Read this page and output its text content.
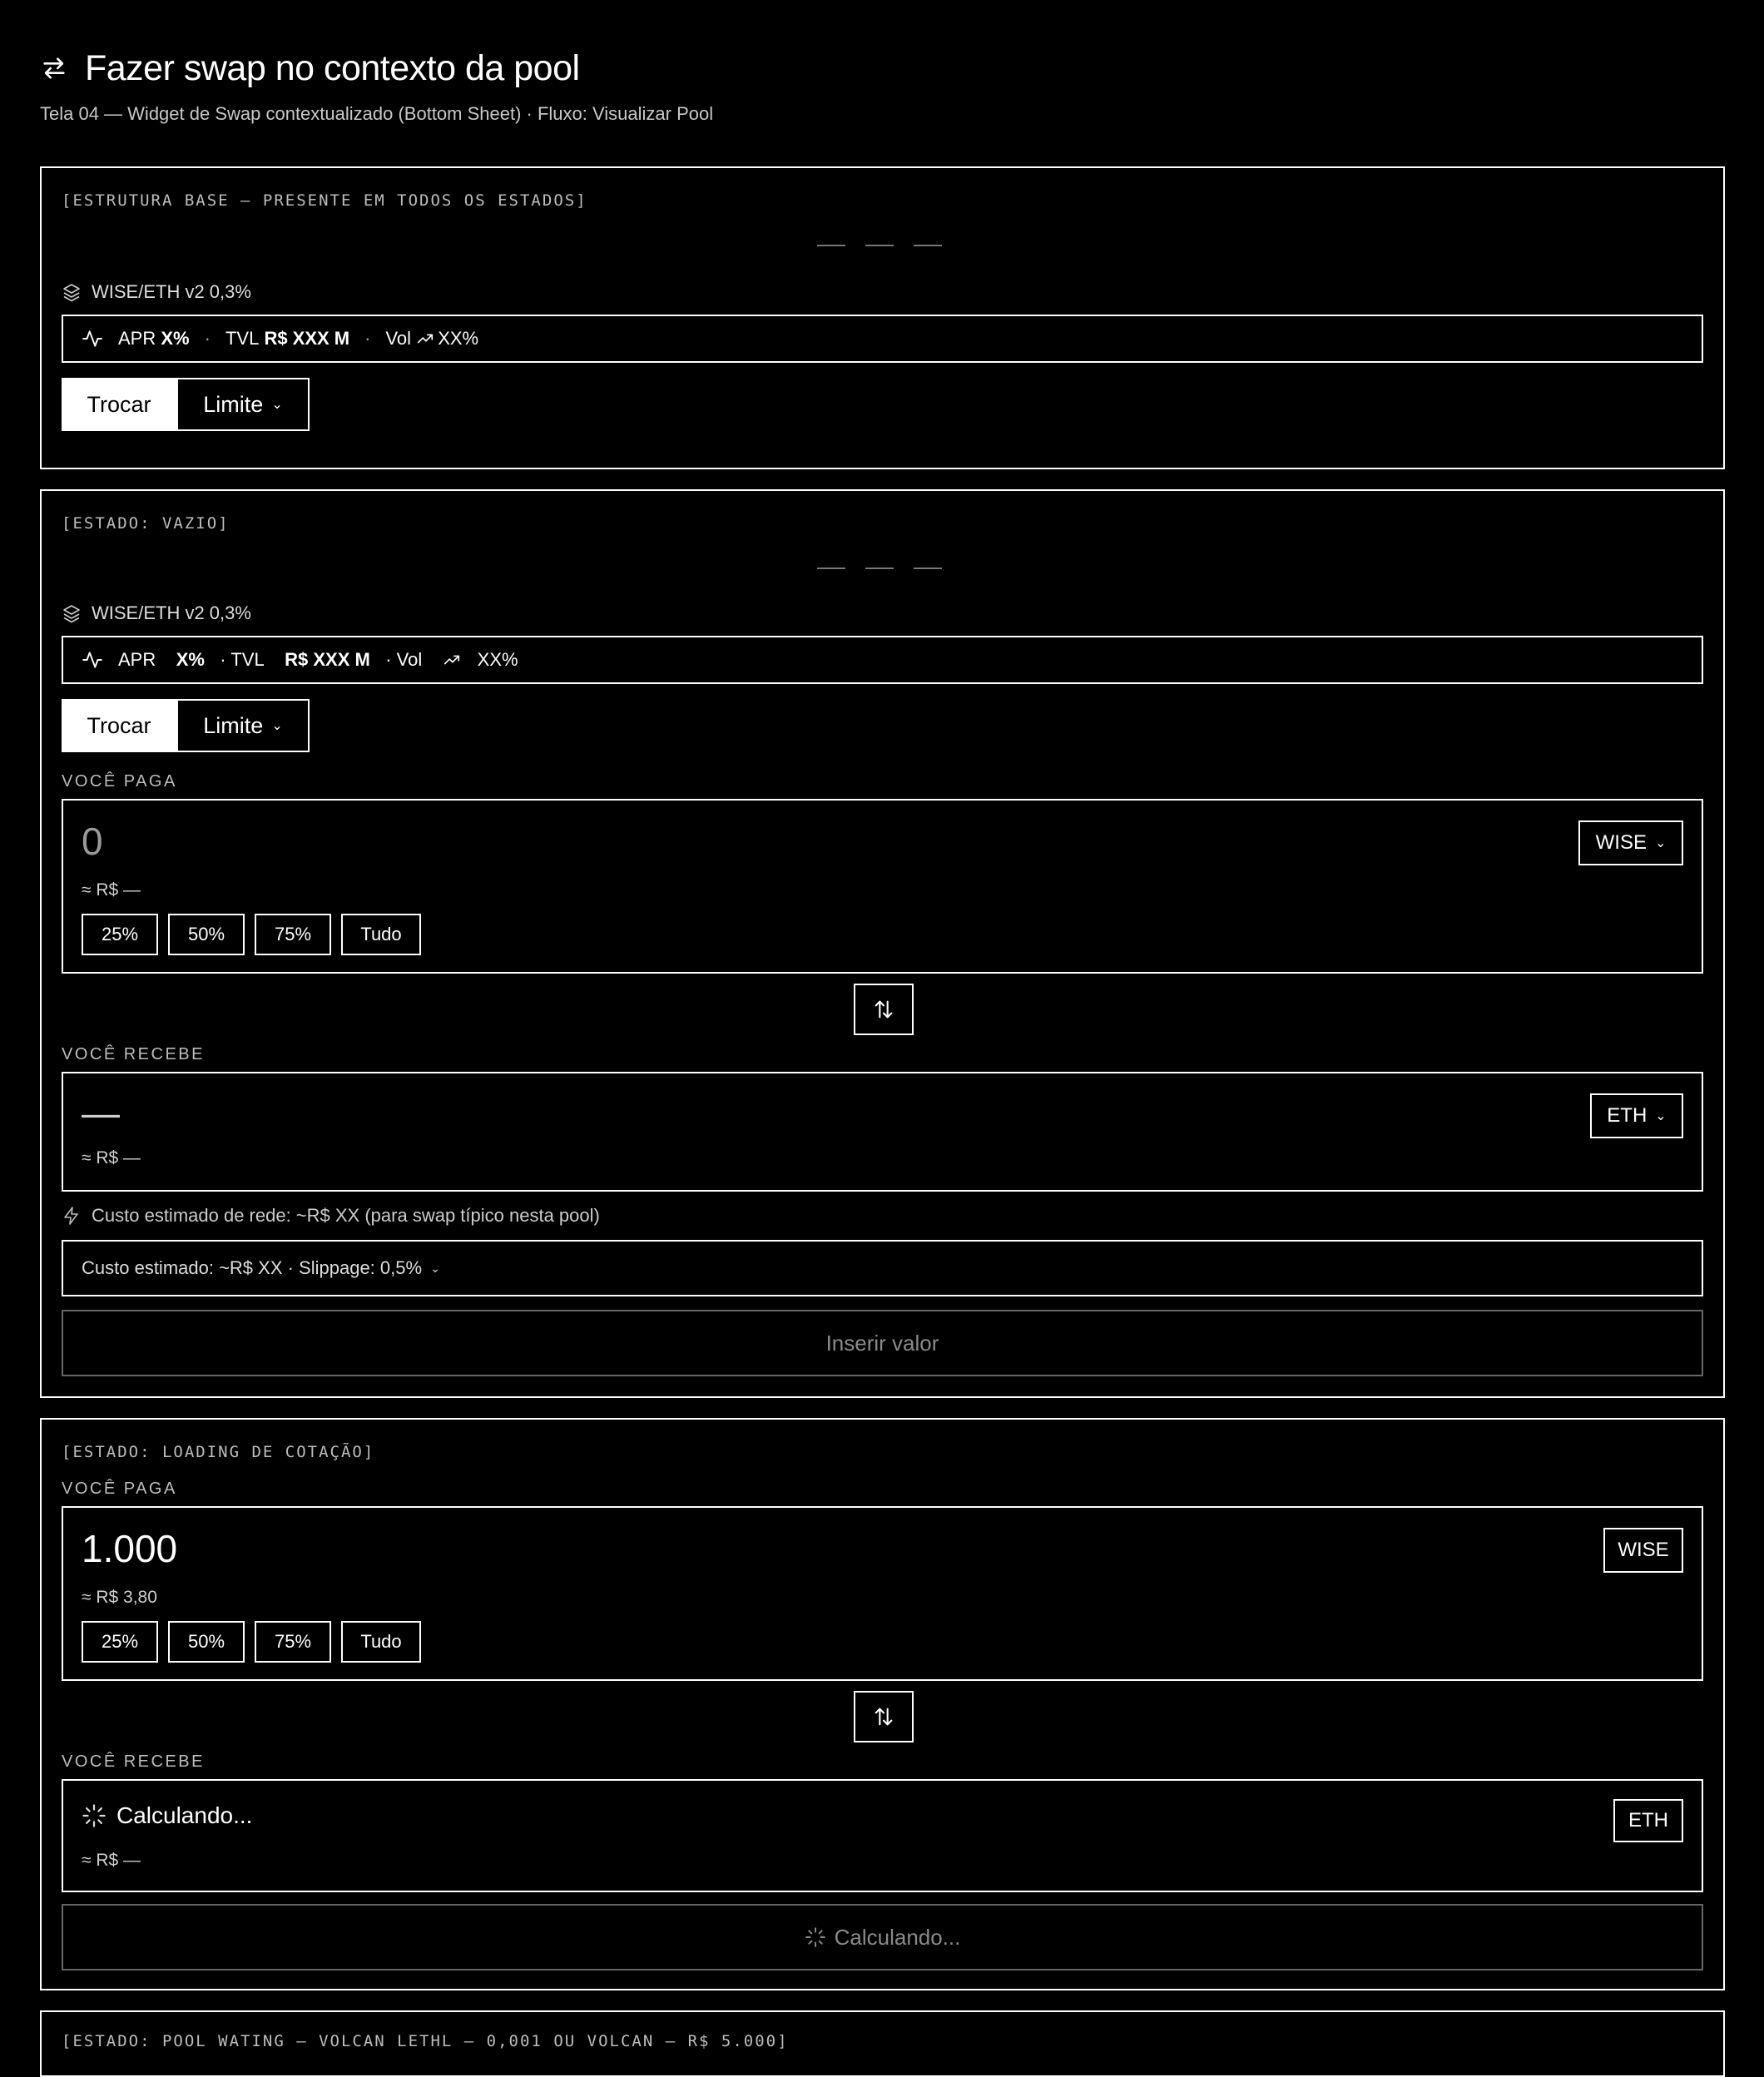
Fazer swap no contexto da pool
Tela 04 — Widget de Swap contextualizado (Bottom Sheet) · Fluxo: Visualizar Pool
[ESTRUTURA BASE — PRESENTE EM TODOS OS ESTADOS]
WISE/ETH v2 0,3%
APR
X% · TVL
R$ XXX M · Vol
XX%
Trocar	Limite ⌄
[ESTADO: VAZIO]
WISE/ETH v2 0,3%
APR
X%
· TVL
R$ XXX M
· Vol
	XX%
Trocar	Limite ⌄
VOCÊ PAGA
0
≈ R$ —
25%	50%	75%	Tudo
WISE ⌄
VOCÊ RECEBE
—
≈ R$ —
ETH ⌄
Custo estimado de rede: ~R$ XX (para swap típico nesta pool)
Custo estimado: ~R$ XX · Slippage: 0,5% ⌄
Inserir valor
[ESTADO: LOADING DE COTAÇÃO]
VOCÊ PAGA
1.000
≈ R$ 3,80
25%	50%	75%	Tudo
WISE
VOCÊ RECEBE
Calculando...
≈ R$ —
ETH
Calculando...
[ESTADO: POOL WATING — VOLCAN LETHL — 0,001 OU VOLCAN — R$ 5.000]
